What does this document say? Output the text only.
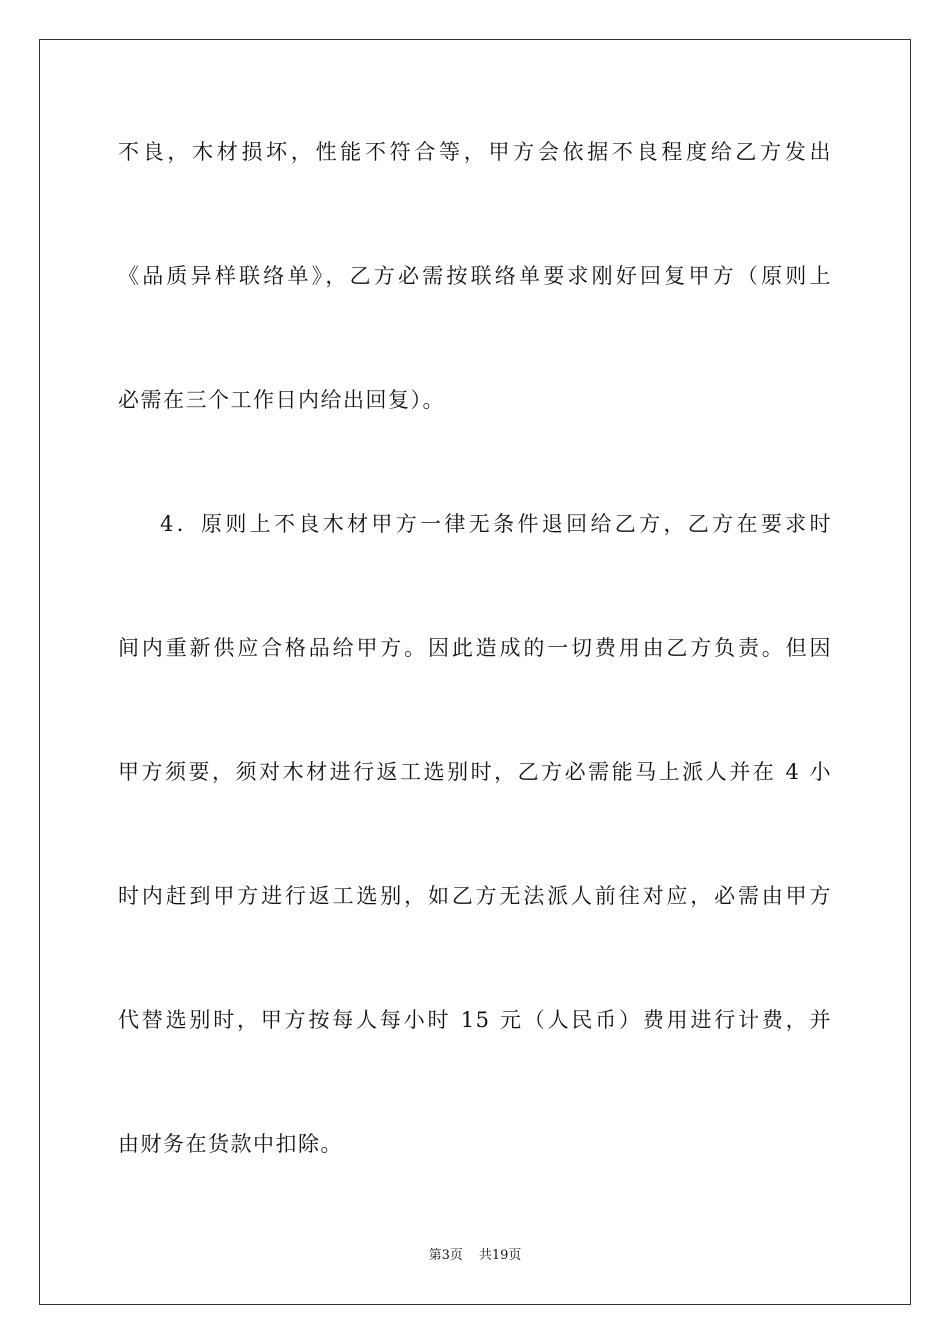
不良，木材损坏，性能不符合等，甲方会依据不良程度给乙方发出
《品质异样联络单》，乙方必需按联络单要求刚好回复甲方（原则上
必需在三个工作日内给出回复）。
4．原则上不良木材甲方一律无条件退回给乙方，乙方在要求时
间内重新供应合格品给甲方。因此造成的一切费用由乙方负责。但因
甲方须要，须对木材进行返工选别时，乙方必需能马上派人并在 4 小
时内赶到甲方进行返工选别，如乙方无法派人前往对应，必需由甲方
代替选别时，甲方按每人每小时 15 元（人民币）费用进行计费，并
由财务在货款中扣除。
第3页 共19页
